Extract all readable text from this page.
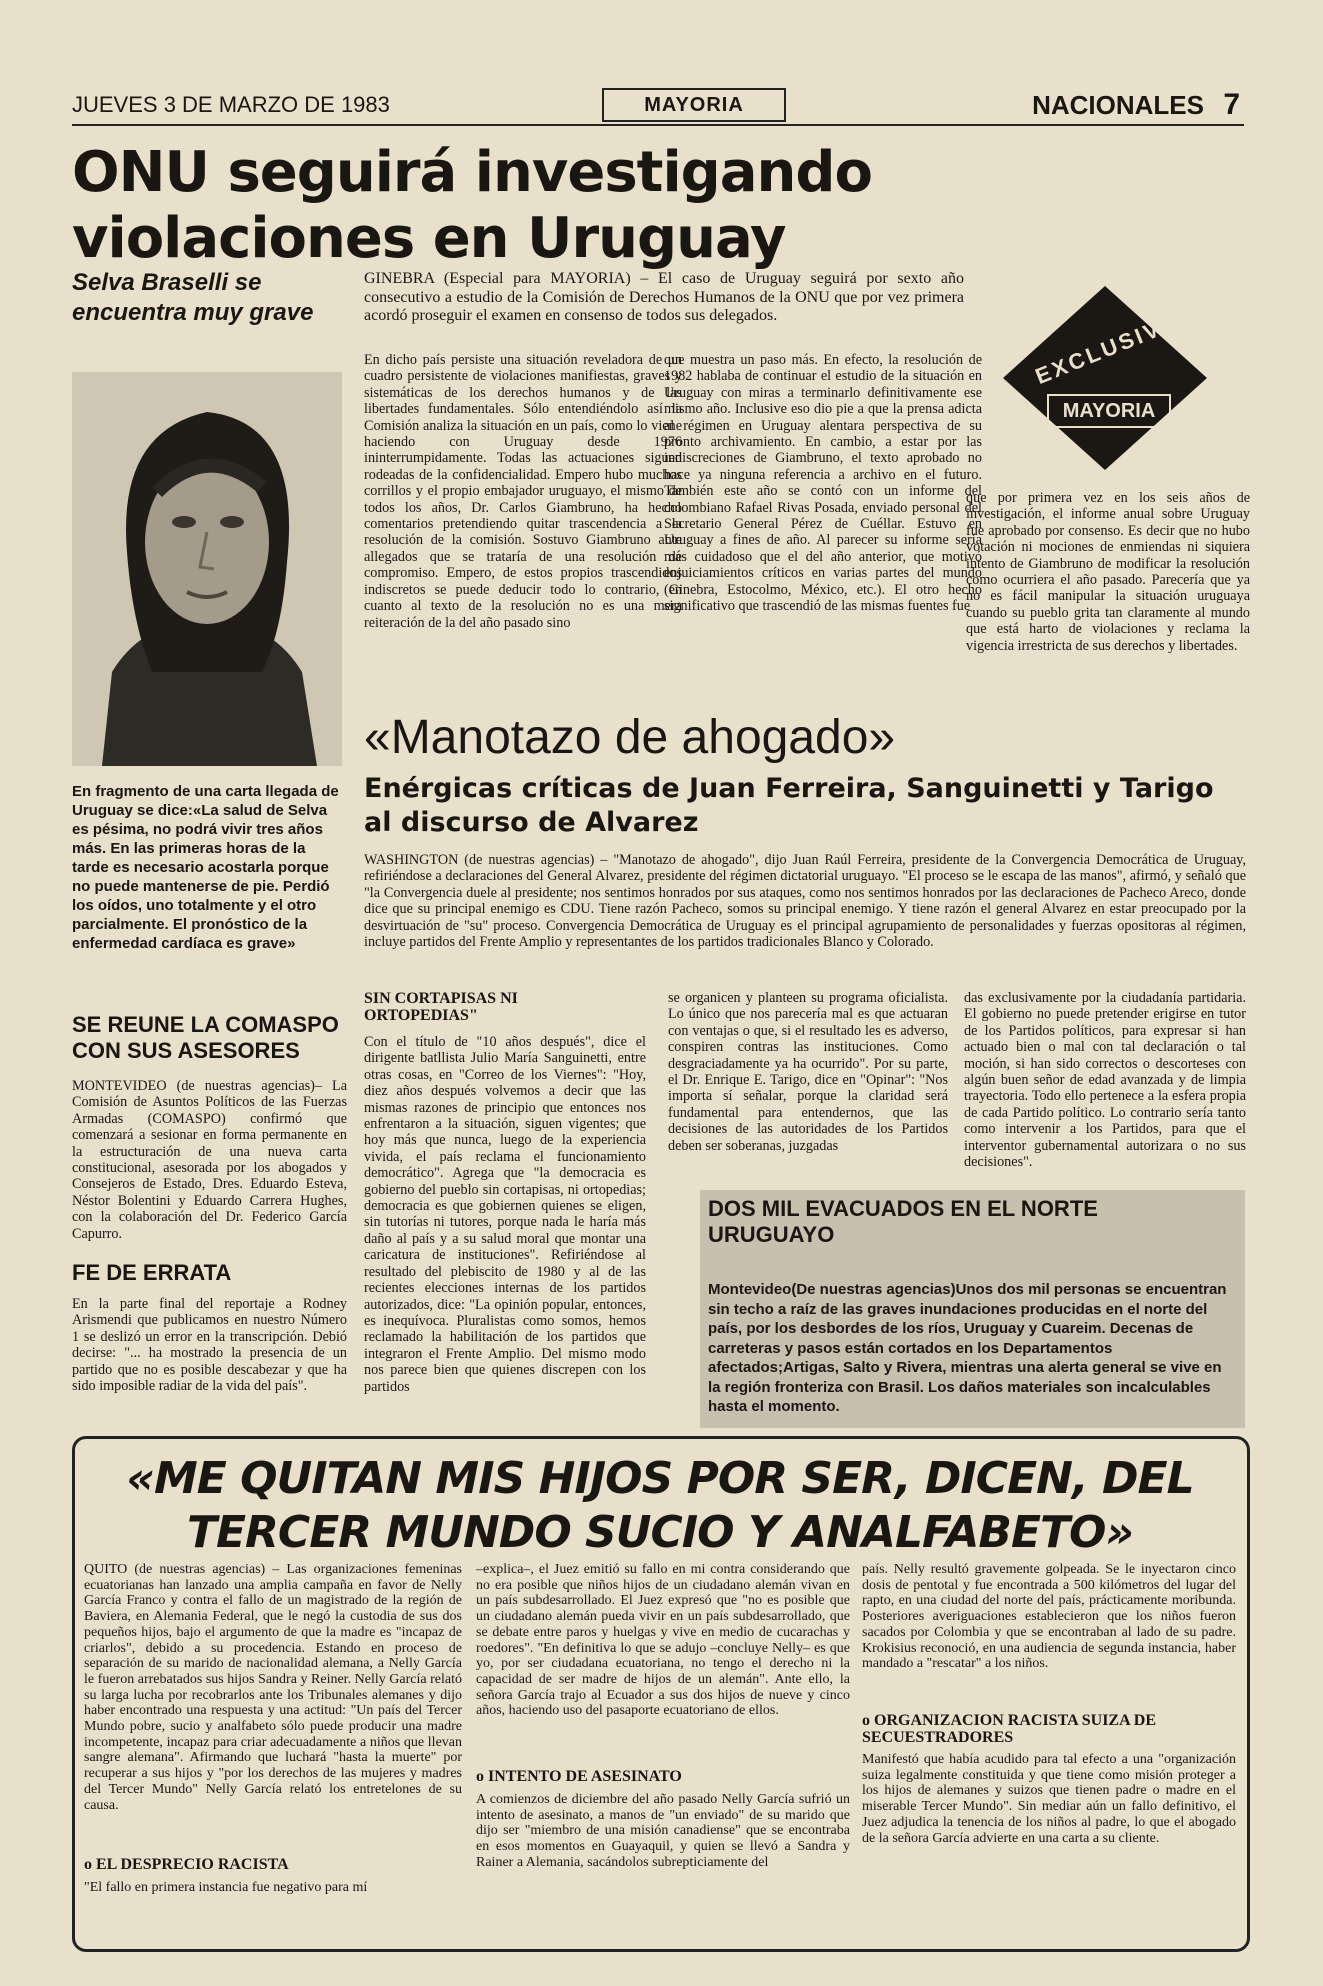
JUEVES 3 DE MARZO DE 1983	MAYORIA	NACIONALES 7
ONU seguirá investigando
violaciones en Uruguay
Selva Braselli se encuentra muy grave
En fragmento de una carta llegada de Uruguay se dice:«La salud de Selva es pésima, no podrá vivir tres años más. En las primeras horas de la tarde es necesario acostarla porque no puede mantenerse de pie. Perdió los oídos, uno totalmente y el otro parcialmente. El pronóstico de la enfermedad cardíaca es grave»
GINEBRA (Especial para MAYORIA) – El caso de Uruguay seguirá por sexto año consecutivo a estudio de la Comisión de Derechos Humanos de la ONU que por vez primera acordó proseguir el examen en consenso de todos sus delegados.
En dicho país persiste una situación reveladora de un cuadro persistente de violaciones manifiestas, graves y sistemáticas de los derechos humanos y de las libertades fundamentales. Sólo entendiéndolo así la Comisión analiza la situación en un país, como lo viene haciendo con Uruguay desde 1976 ininterrumpidamente. Todas las actuaciones siguen rodeadas de la confidencialidad. Empero hubo muchos corrillos y el propio embajador uruguayo, el mismo de todos los años, Dr. Carlos Giambruno, ha hecho comentarios pretendiendo quitar trascendencia a la resolución de la comisión. Sostuvo Giambruno ante allegados que se trataría de una resolución de compromiso. Empero, de estos propios trascendidos indiscretos se puede deducir todo lo contrario, en cuanto al texto de la resolución no es una mera reiteración de la del año pasado sino
que muestra un paso más. En efecto, la resolución de 1982 hablaba de continuar el estudio de la situación en Uruguay con miras a terminarlo definitivamente ese mismo año. Inclusive eso dio pie a que la prensa adicta al régimen en Uruguay alentara perspectiva de su pronto archivamiento. En cambio, a estar por las indiscreciones de Giambruno, el texto aprobado no hace ya ninguna referencia a archivo en el futuro. También este año se contó con un informe del colombiano Rafael Rivas Posada, enviado personal del Secretario General Pérez de Cuéllar. Estuvo en Uruguay a fines de año. Al parecer su informe sería más cuidadoso que el del año anterior, que motivó enjuiciamientos críticos en varias partes del mundo (Ginebra, Estocolmo, México, etc.). El otro hecho significativo que trascendió de las mismas fuentes fue
que por primera vez en los seis años de investigación, el informe anual sobre Uruguay fue aprobado por consenso. Es decir que no hubo votación ni mociones de enmiendas ni siquiera intento de Giambruno de modificar la resolución como ocurriera el año pasado. Parecería que ya no es fácil manipular la situación uruguaya cuando su pueblo grita tan claramente al mundo que está harto de violaciones y reclama la vigencia irrestricta de sus derechos y libertades.
EXCLUSIVO
MAYORIA
«Manotazo de ahogado»
Enérgicas críticas de Juan Ferreira, Sanguinetti y Tarigo al discurso de Alvarez
WASHINGTON (de nuestras agencias) – "Manotazo de ahogado", dijo Juan Raúl Ferreira, presidente de la Convergencia Democrática de Uruguay, refiriéndose a declaraciones del General Alvarez, presidente del régimen dictatorial uruguayo. "El proceso se le escapa de las manos", afirmó, y señaló que "la Convergencia duele al presidente; nos sentimos honrados por sus ataques, como nos sentimos honrados por las declaraciones de Pacheco Areco, donde dice que su principal enemigo es CDU. Tiene razón Pacheco, somos su principal enemigo. Y tiene razón el general Alvarez en estar preocupado por la desvirtuación de "su" proceso. Convergencia Democrática de Uruguay es el principal agrupamiento de personalidades y fuerzas opositoras al régimen, incluye partidos del Frente Amplio y representantes de los partidos tradicionales Blanco y Colorado.
SIN CORTAPISAS NI ORTOPEDIAS"
Con el título de "10 años después", dice el dirigente batllista Julio María Sanguinetti, entre otras cosas, en "Correo de los Viernes": "Hoy, diez años después volvemos a decir que las mismas razones de principio que entonces nos enfrentaron a la situación, siguen vigentes; que hoy más que nunca, luego de la experiencia vivida, el país reclama el funcionamiento democrático". Agrega que "la democracia es gobierno del pueblo sin cortapisas, ni ortopedias; democracia es que gobiernen quienes se eligen, sin tutorías ni tutores, porque nada le haría más daño al país y a su salud moral que montar una caricatura de instituciones". Refiriéndose al resultado del plebiscito de 1980 y al de las recientes elecciones internas de los partidos autorizados, dice: "La opinión popular, entonces, es inequívoca. Pluralistas como somos, hemos reclamado la habilitación de los partidos que integraron el Frente Amplio. Del mismo modo nos parece bien que quienes discrepen con los partidos
se organicen y planteen su programa oficialista. Lo único que nos parecería mal es que actuaran con ventajas o que, si el resultado les es adverso, conspiren contras las instituciones. Como desgraciadamente ya ha ocurrido". Por su parte, el Dr. Enrique E. Tarigo, dice en "Opinar": "Nos importa sí señalar, porque la claridad será fundamental para entendernos, que las decisiones de las autoridades de los Partidos deben ser soberanas, juzgadas
das exclusivamente por la ciudadanía partidaria. El gobierno no puede pretender erigirse en tutor de los Partidos políticos, para expresar si han actuado bien o mal con tal declaración o tal moción, si han sido correctos o descorteses con algún buen señor de edad avanzada y de limpia trayectoria. Todo ello pertenece a la esfera propia de cada Partido político. Lo contrario sería tanto como intervenir a los Partidos, para que el interventor gubernamental autorizara o no sus decisiones".
DOS MIL EVACUADOS EN EL NORTE URUGUAYO
Montevideo(De nuestras agencias)Unos dos mil personas se encuentran sin techo a raíz de las graves inundaciones producidas en el norte del país, por los desbordes de los ríos, Uruguay y Cuareim. Decenas de carreteras y pasos están cortados en los Departamentos afectados;Artigas, Salto y Rivera, mientras una alerta general se vive en la región fronteriza con Brasil. Los daños materiales son incalculables hasta el momento.
SE REUNE LA COMASPO CON SUS ASESORES
MONTEVIDEO (de nuestras agencias)– La Comisión de Asuntos Políticos de las Fuerzas Armadas (COMASPO) confirmó que comenzará a sesionar en forma permanente en la estructuración de una nueva carta constitucional, asesorada por los abogados y Consejeros de Estado, Dres. Eduardo Esteva, Néstor Bolentini y Eduardo Carrera Hughes, con la colaboración del Dr. Federico García Capurro.
FE DE ERRATA
En la parte final del reportaje a Rodney Arismendi que publicamos en nuestro Número 1 se deslizó un error en la transcripción. Debió decirse: "... ha mostrado la presencia de un partido que no es posible descabezar y que ha sido imposible radiar de la vida del país".
«ME QUITAN MIS HIJOS POR SER, DICEN, DEL TERCER MUNDO SUCIO Y ANALFABETO»
QUITO (de nuestras agencias) – Las organizaciones femeninas ecuatorianas han lanzado una amplia campaña en favor de Nelly García Franco y contra el fallo de un magistrado de la región de Baviera, en Alemania Federal, que le negó la custodia de sus dos pequeños hijos, bajo el argumento de que la madre es "incapaz de criarlos", debido a su procedencia. Estando en proceso de separación de su marido de nacionalidad alemana, a Nelly García le fueron arrebatados sus hijos Sandra y Reiner. Nelly García relató su larga lucha por recobrarlos ante los Tribunales alemanes y dijo haber encontrado una respuesta y una actitud: "Un país del Tercer Mundo pobre, sucio y analfabeto sólo puede producir una madre incompetente, incapaz para criar adecuadamente a niños que llevan sangre alemana". Afirmando que luchará "hasta la muerte" por recuperar a sus hijos y "por los derechos de las mujeres y madres del Tercer Mundo" Nelly García relató los entretelones de su causa.
o EL DESPRECIO RACISTA
"El fallo en primera instancia fue negativo para mí
–explica–, el Juez emitió su fallo en mi contra considerando que no era posible que niños hijos de un ciudadano alemán vivan en un país subdesarrollado. El Juez expresó que "no es posible que un ciudadano alemán pueda vivir en un país subdesarrollado, que se debate entre paros y huelgas y vive en medio de cucarachas y roedores". "En definitiva lo que se adujo –concluye Nelly– es que yo, por ser ciudadana ecuatoriana, no tengo el derecho ni la capacidad de ser madre de hijos de un alemán". Ante ello, la señora García trajo al Ecuador a sus dos hijos de nueve y cinco años, haciendo uso del pasaporte ecuatoriano de ellos.
o INTENTO DE ASESINATO
A comienzos de diciembre del año pasado Nelly García sufrió un intento de asesinato, a manos de "un enviado" de su marido que dijo ser "miembro de una misión canadiense" que se encontraba en esos momentos en Guayaquil, y quien se llevó a Sandra y Rainer a Alemania, sacándolos subrepticiamente del
país. Nelly resultó gravemente golpeada. Se le inyectaron cinco dosis de pentotal y fue encontrada a 500 kilómetros del lugar del rapto, en una ciudad del norte del país, prácticamente moribunda. Posteriores averiguaciones establecieron que los niños fueron sacados por Colombia y que se encontraban al lado de su padre. Krokisius reconoció, en una audiencia de segunda instancia, haber mandado a "rescatar" a los niños.
o ORGANIZACION RACISTA SUIZA DE SECUESTRADORES
Manifestó que había acudido para tal efecto a una "organización suiza legalmente constituida y que tiene como misión proteger a los hijos de alemanes y suizos que tienen padre o madre en el miserable Tercer Mundo". Sin mediar aún un fallo definitivo, el Juez adjudica la tenencia de los niños al padre, lo que el abogado de la señora García advierte en una carta a su cliente.
